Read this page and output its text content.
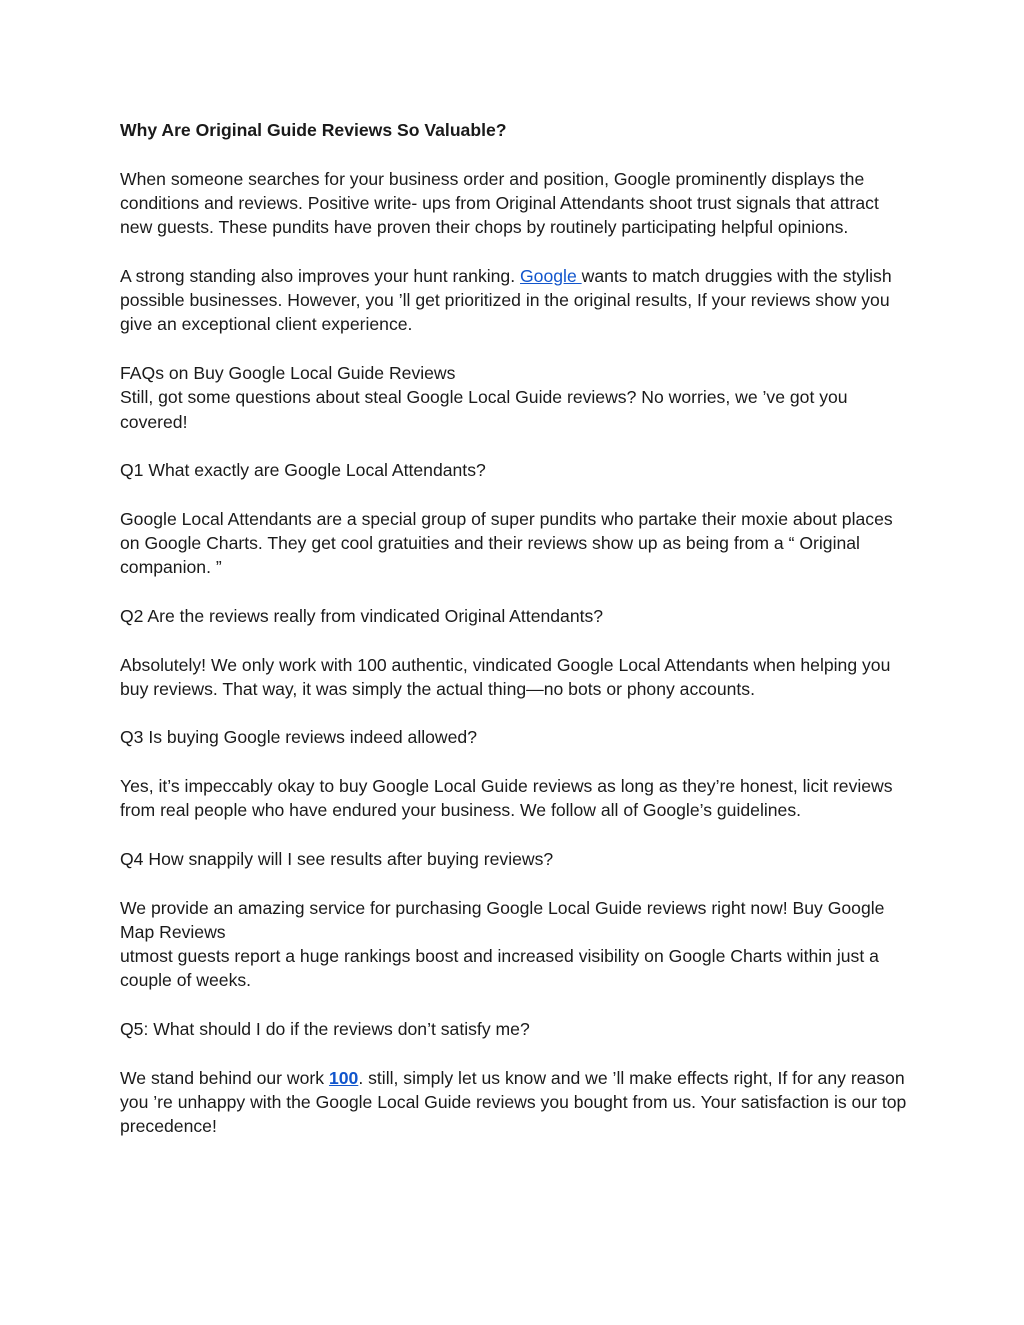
Why Are Original Guide Reviews So Valuable?

When someone searches for your business order and position, Google prominently displays the conditions and reviews. Positive write- ups from Original Attendants shoot trust signals that attract new guests. These pundits have proven their chops by routinely participating helpful opinions.

A strong standing also improves your hunt ranking. Google wants to match druggies with the stylish possible businesses. However, you ’ll get prioritized in the original results, If your reviews show you give an exceptional client experience.

FAQs on Buy Google Local Guide Reviews
Still, got some questions about steal Google Local Guide reviews? No worries, we ’ve got you covered!

Q1 What exactly are Google Local Attendants?

Google Local Attendants are a special group of super pundits who partake their moxie about places on Google Charts. They get cool gratuities and their reviews show up as being from a “ Original companion. ”

Q2 Are the reviews really from vindicated Original Attendants?

Absolutely! We only work with 100 authentic, vindicated Google Local Attendants when helping you buy reviews. That way, it was simply the actual thing—no bots or phony accounts.

Q3 Is buying Google reviews indeed allowed?

Yes, it’s impeccably okay to buy Google Local Guide reviews as long as they’re honest, licit reviews from real people who have endured your business. We follow all of Google’s guidelines.

Q4 How snappily will I see results after buying reviews?

We provide an amazing service for purchasing Google Local Guide reviews right now! Buy Google Map Reviews
utmost guests report a huge rankings boost and increased visibility on Google Charts within just a couple of weeks.

Q5: What should I do if the reviews don’t satisfy me?

We stand behind our work 100. still, simply let us know and we ’ll make effects right, If for any reason you ’re unhappy with the Google Local Guide reviews you bought from us. Your satisfaction is our top precedence!
